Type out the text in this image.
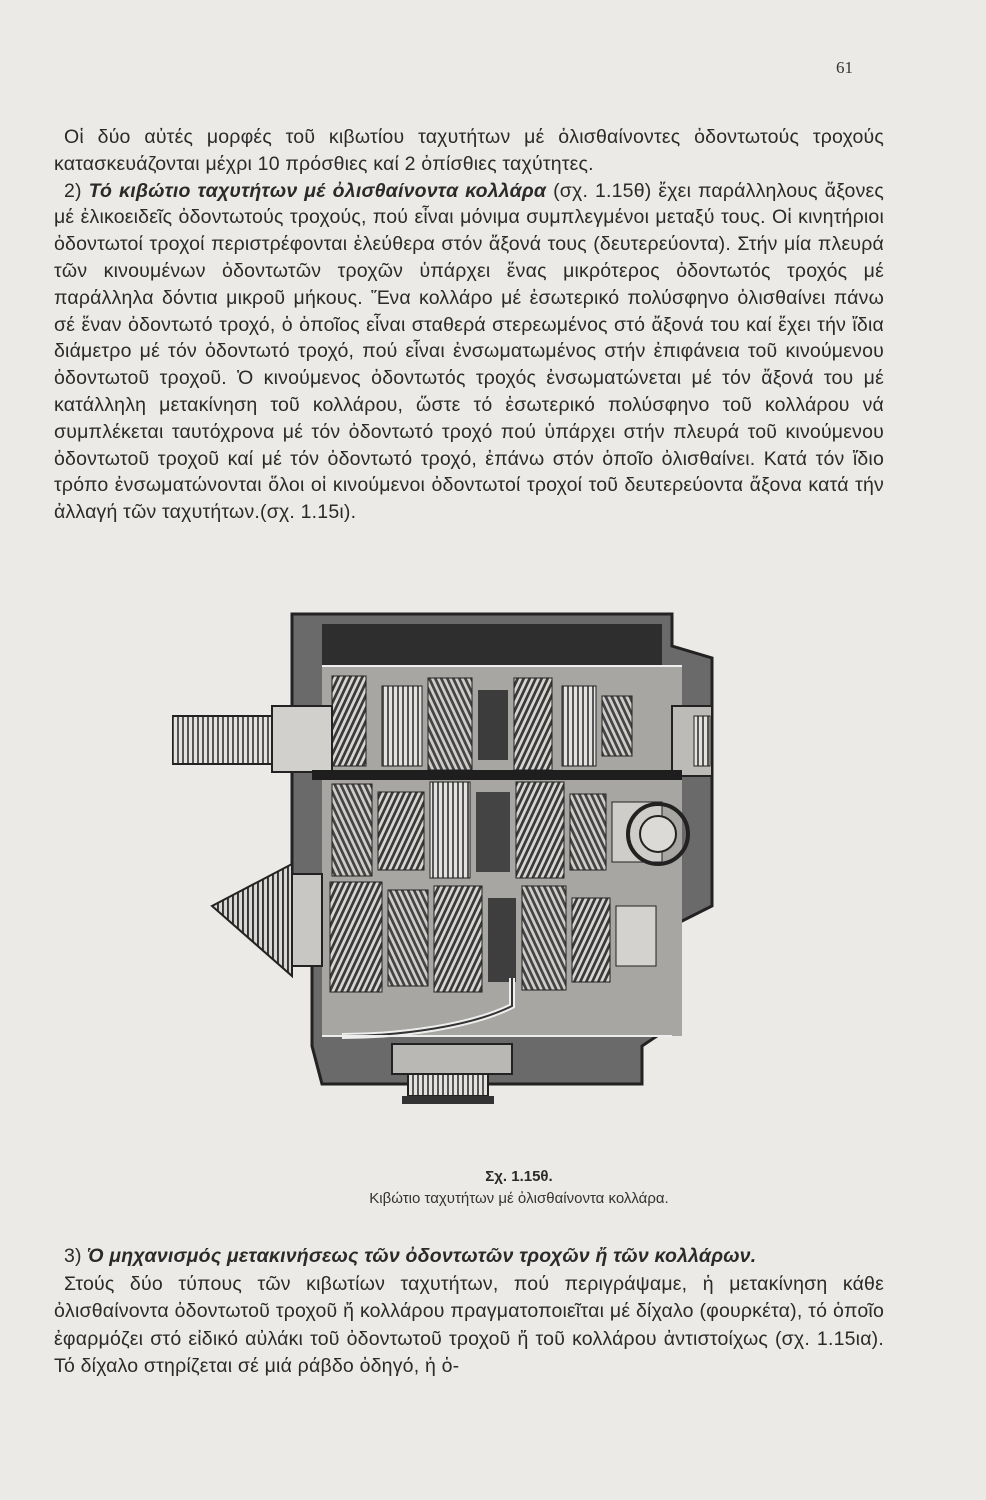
61

Οἱ δύο αὐτές μορφές τοῦ κιβωτίου ταχυτήτων μέ ὀλισθαίνοντες ὀδοντωτούς τροχούς κατασκευάζονται μέχρι 10 πρόσθιες καί 2 ὀπίσθιες ταχύτητες.

2) Τό κιβώτιο ταχυτήτων μέ ὀλισθαίνοντα κολλάρα (σχ. 1.15θ) ἔχει παράλληλους ἄξονες μέ ἐλικοειδεῖς ὀδοντωτούς τροχούς, πού εἶναι μόνιμα συμπλεγμένοι μεταξύ τους. Οἱ κινητήριοι ὀδοντωτοί τροχοί περιστρέφονται ἐλεύθερα στόν ἄξονά τους (δευτερεύοντα). Στήν μία πλευρά τῶν κινουμένων ὀδοντωτῶν τροχῶν ὑπάρχει ἕνας μικρότερος ὀδοντωτός τροχός μέ παράλληλα δόντια μικροῦ μήκους. Ἕνα κολλάρο μέ ἐσωτερικό πολύσφηνο ὀλισθαίνει πάνω σέ ἕναν ὀδοντωτό τροχό, ὁ ὁποῖος εἶναι σταθερά στερεωμένος στό ἄξονά του καί ἔχει τήν ἴδια διάμετρο μέ τόν ὀδοντωτό τροχό, πού εἶναι ἐνσωματωμένος στήν ἐπιφάνεια τοῦ κινούμενου ὀδοντωτοῦ τροχοῦ. Ὁ κινούμενος ὀδοντωτός τροχός ἐνσωματώνεται μέ τόν ἄξονά του μέ κατάλληλη μετακίνηση τοῦ κολλάρου, ὥστε τό ἐσωτερικό πολύσφηνο τοῦ κολλάρου νά συμπλέκεται ταυτόχρονα μέ τόν ὀδοντωτό τροχό πού ὑπάρχει στήν πλευρά τοῦ κινούμενου ὀδοντωτοῦ τροχοῦ καί μέ τόν ὀδοντωτό τροχό, ἐπάνω στόν ὁποῖο ὀλισθαίνει. Κατά τόν ἴδιο τρόπο ἐνσωματώνονται ὅλοι οἱ κινούμενοι ὀδοντωτοί τροχοί τοῦ δευτερεύοντα ἄξονα κατά τήν ἀλλαγή τῶν ταχυτήτων.(σχ. 1.15ι).

Σχ. 1.15θ.
Κιβώτιο ταχυτήτων μέ ὀλισθαίνοντα κολλάρα.

3) Ὁ μηχανισμός μετακινήσεως τῶν ὀδοντωτῶν τροχῶν ἤ τῶν κολλάρων.

Στούς δύο τύπους τῶν κιβωτίων ταχυτήτων, πού περιγράψαμε, ἡ μετακίνηση κάθε ὀλισθαίνοντα ὀδοντωτοῦ τροχοῦ ἤ κολλάρου πραγματοποιεῖται μέ δίχαλο (φουρκέτα), τό ὁποῖο ἐφαρμόζει στό εἰδικό αὐλάκι τοῦ ὀδοντωτοῦ τροχοῦ ἤ τοῦ κολλάρου ἀντιστοίχως (σχ. 1.15ια). Τό δίχαλο στηρίζεται σέ μιά ράβδο ὀδηγό, ἡ ὁ-
